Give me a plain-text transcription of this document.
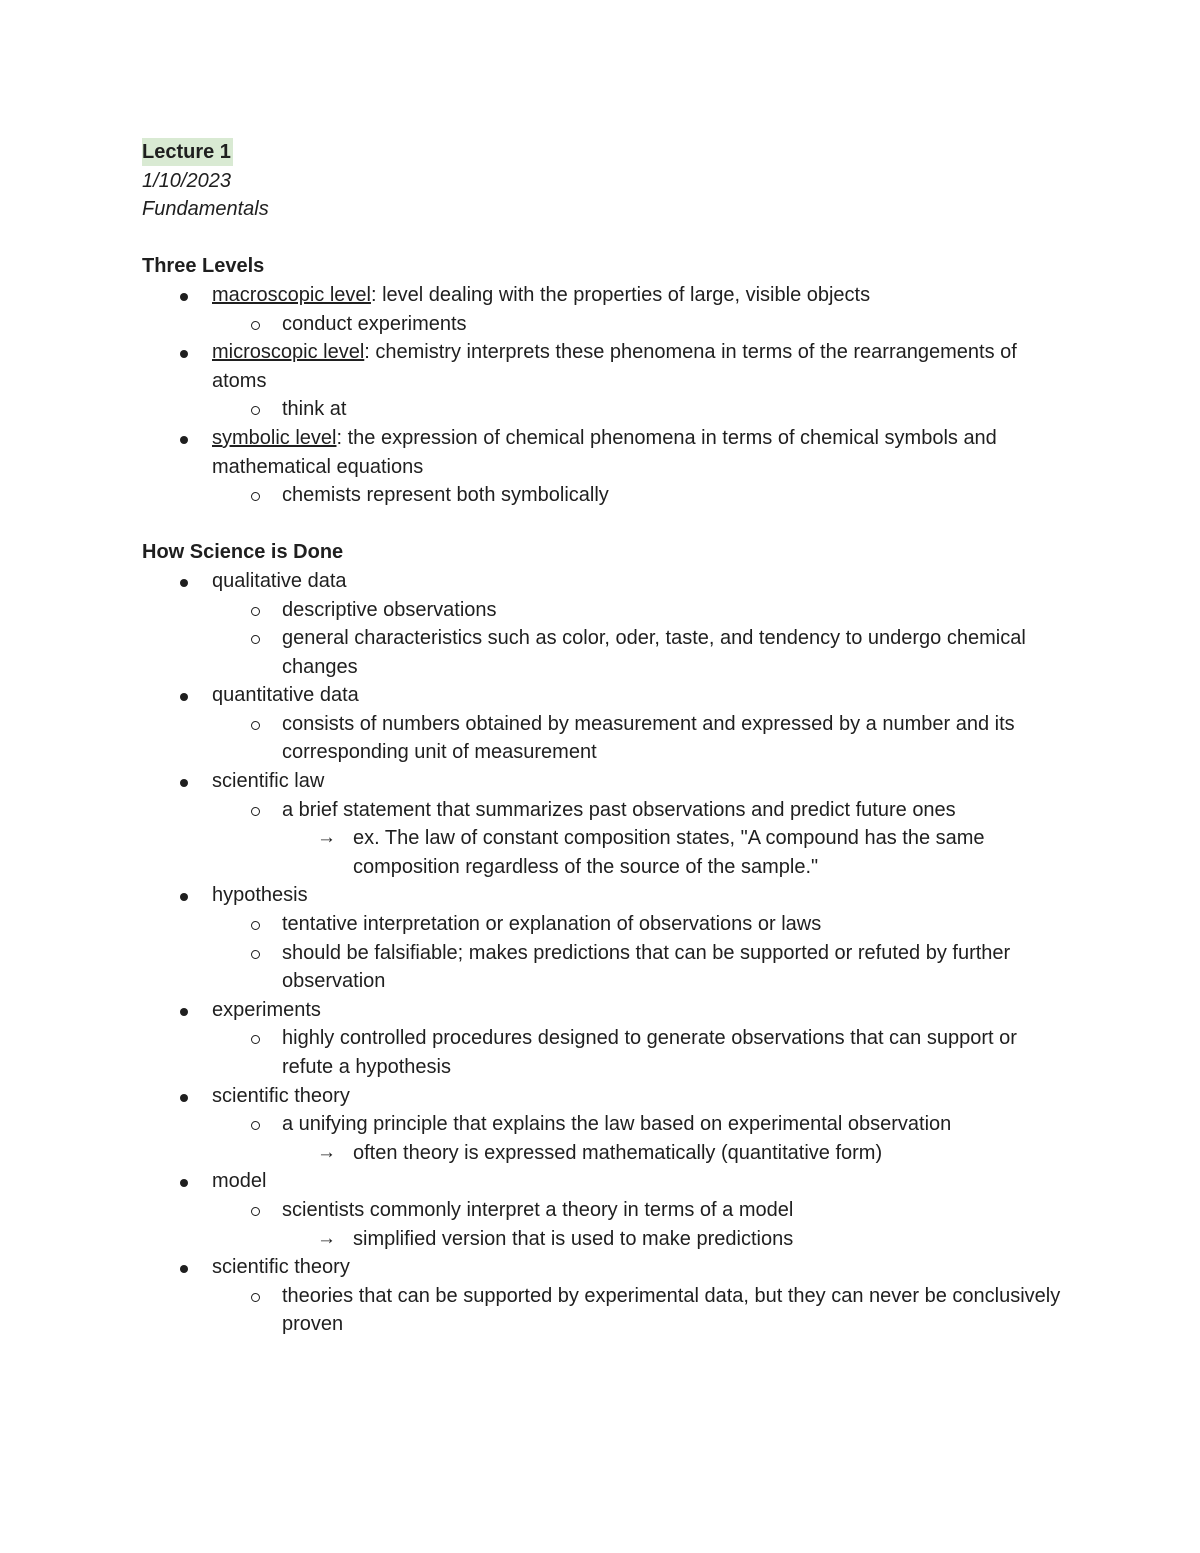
Lecture 1
1/10/2023
Fundamentals
Three Levels
macroscopic level: level dealing with the properties of large, visible objects
conduct experiments
microscopic level: chemistry interprets these phenomena in terms of the rearrangements of atoms
think at
symbolic level: the expression of chemical phenomena in terms of chemical symbols and mathematical equations
chemists represent both symbolically
How Science is Done
qualitative data
descriptive observations
general characteristics such as color, oder, taste, and tendency to undergo chemical changes
quantitative data
consists of numbers obtained by measurement and expressed by a number and its corresponding unit of measurement
scientific law
a brief statement that summarizes past observations and predict future ones
→ ex. The law of constant composition states, "A compound has the same composition regardless of the source of the sample."
hypothesis
tentative interpretation or explanation of observations or laws
should be falsifiable; makes predictions that can be supported or refuted by further observation
experiments
highly controlled procedures designed to generate observations that can support or refute a hypothesis
scientific theory
a unifying principle that explains the law based on experimental observation
→ often theory is expressed mathematically (quantitative form)
model
scientists commonly interpret a theory in terms of a model
→ simplified version that is used to make predictions
scientific theory
theories that can be supported by experimental data, but they can never be conclusively proven
